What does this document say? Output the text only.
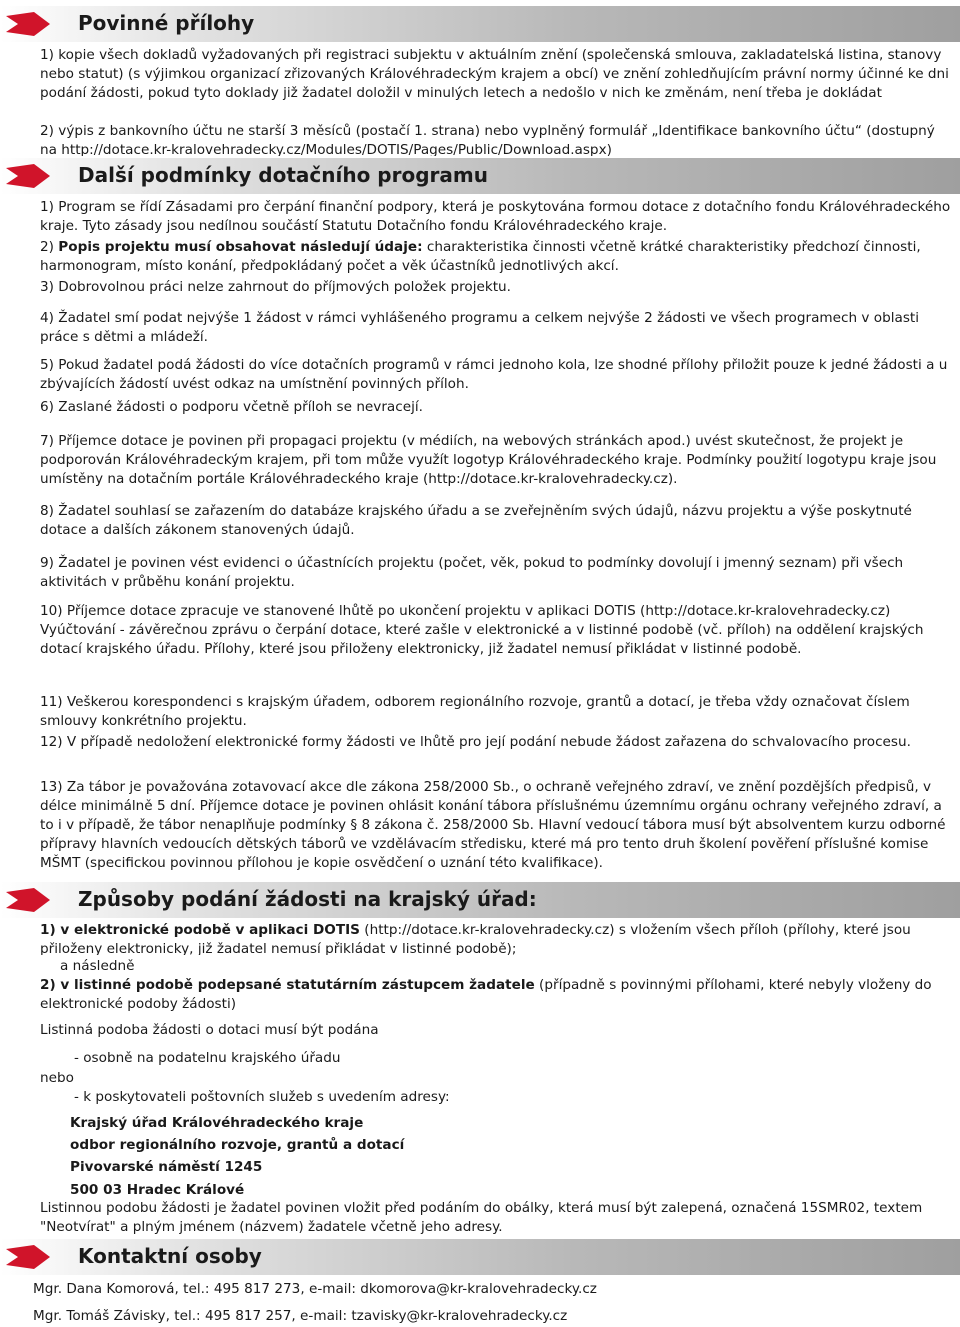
Povinné přílohy

1) kopie všech dokladů vyžadovaných při registraci subjektu v aktuálním znění (společenská smlouva, zakladatelská listina, stanovy nebo statut) (s výjimkou organizací zřizovaných Královéhradeckým krajem a obcí) ve znění zohledňujícím právní normy účinné ke dni podání žádosti, pokud tyto doklady již žadatel doložil v minulých letech a nedošlo v nich ke změnám, není třeba je dokládat

2) výpis z bankovního účtu ne starší 3 měsíců (postačí 1. strana) nebo vyplněný formulář „Identifikace bankovního účtu“ (dostupný na http://dotace.kr-kralovehradecky.cz/Modules/DOTIS/Pages/Public/Download.aspx)

Další podmínky dotačního programu

1) Program se řídí Zásadami pro čerpání finanční podpory, která je poskytována formou dotace z dotačního fondu Královéhradeckého kraje. Tyto zásady jsou nedílnou součástí Statutu Dotačního fondu Královéhradeckého kraje.

2) Popis projektu musí obsahovat následují údaje: charakteristika činnosti včetně krátké charakteristiky předchozí činnosti, harmonogram, místo konání, předpokládaný počet a věk účastníků jednotlivých akcí.

3) Dobrovolnou práci nelze zahrnout do příjmových položek projektu.

4) Žadatel smí podat nejvýše 1 žádost v rámci vyhlášeného programu a celkem nejvýše 2 žádosti ve všech programech v oblasti práce s dětmi a mládeží.

5) Pokud žadatel podá žádosti do více dotačních programů v rámci jednoho kola, lze shodné přílohy přiložit pouze k jedné žádosti a u zbývajících žádostí uvést odkaz na umístnění povinných příloh.

6) Zaslané žádosti o podporu včetně příloh se nevracejí.

7) Příjemce dotace je povinen při propagaci projektu (v médiích, na webových stránkách apod.) uvést skutečnost, že projekt je podporován Královéhradeckým krajem, při tom může využít logotyp Královéhradeckého kraje. Podmínky použití logotypu kraje jsou umístěny na dotačním portále Královéhradeckého kraje (http://dotace.kr-kralovehradecky.cz).

8) Žadatel souhlasí se zařazením do databáze krajského úřadu a se zveřejněním svých údajů, názvu projektu a výše poskytnuté dotace a dalších zákonem stanovených údajů.

9) Žadatel je povinen vést evidenci o účastnících projektu (počet, věk, pokud to podmínky dovolují i jmenný seznam) při všech aktivitách v průběhu konání projektu.

10) Příjemce dotace zpracuje ve stanovené lhůtě po ukončení projektu v aplikaci DOTIS (http://dotace.kr-kralovehradecky.cz) Vyúčtování - závěrečnou zprávu o čerpání dotace, které zašle v elektronické a v listinné podobě (vč. příloh) na oddělení krajských dotací krajského úřadu. Přílohy, které jsou přiloženy elektronicky, již žadatel nemusí přikládat v listinné podobě.

11) Veškerou korespondenci s krajským úřadem, odborem regionálního rozvoje, grantů a dotací, je třeba vždy označovat číslem smlouvy konkrétního projektu.

12) V případě nedoložení elektronické formy žádosti ve lhůtě pro její podání nebude žádost zařazena do schvalovacího procesu.

13) Za tábor je považována zotavovací akce dle zákona 258/2000 Sb., o ochraně veřejného zdraví, ve znění pozdějších předpisů, v délce minimálně 5 dní. Příjemce dotace je povinen ohlásit konání tábora příslušnému územnímu orgánu ochrany veřejného zdraví, a to i v případě, že tábor nenaplňuje podmínky § 8 zákona č. 258/2000 Sb. Hlavní vedoucí tábora musí být absolventem kurzu odborné přípravy hlavních vedoucích dětských táborů ve vzdělávacím středisku, které má pro tento druh školení pověření příslušné komise MŠMT (specifickou povinnou přílohou je kopie osvědčení o uznání této kvalifikace).

Způsoby podání žádosti na krajský úřad:

1) v elektronické podobě v aplikaci DOTIS (http://dotace.kr-kralovehradecky.cz) s vložením všech příloh (přílohy, které jsou přiloženy elektronicky, již žadatel nemusí přikládat v listinné podobě);

a následně

2) v listinné podobě podepsané statutárním zástupcem žadatele (případně s povinnými přílohami, které nebyly vloženy do elektronické podoby žádosti)

Listinná podoba žádosti o dotaci musí být podána

- osobně na podatelnu krajského úřadu

nebo

- k poskytovateli poštovních služeb s uvedením adresy:

Krajský úřad Královéhradeckého kraje

odbor regionálního rozvoje, grantů a dotací

Pivovarské náměstí 1245

500 03 Hradec Králové

Listinnou podobu žádosti je žadatel povinen vložit před podáním do obálky, která musí být zalepená, označená 15SMR02, textem "Neotvírat" a plným jménem (názvem) žadatele včetně jeho adresy.

Kontaktní osoby

Mgr. Dana Komorová, tel.: 495 817 273, e-mail: dkomorova@kr-kralovehradecky.cz

Mgr. Tomáš Závisky, tel.: 495 817 257, e-mail: tzavisky@kr-kralovehradecky.cz
